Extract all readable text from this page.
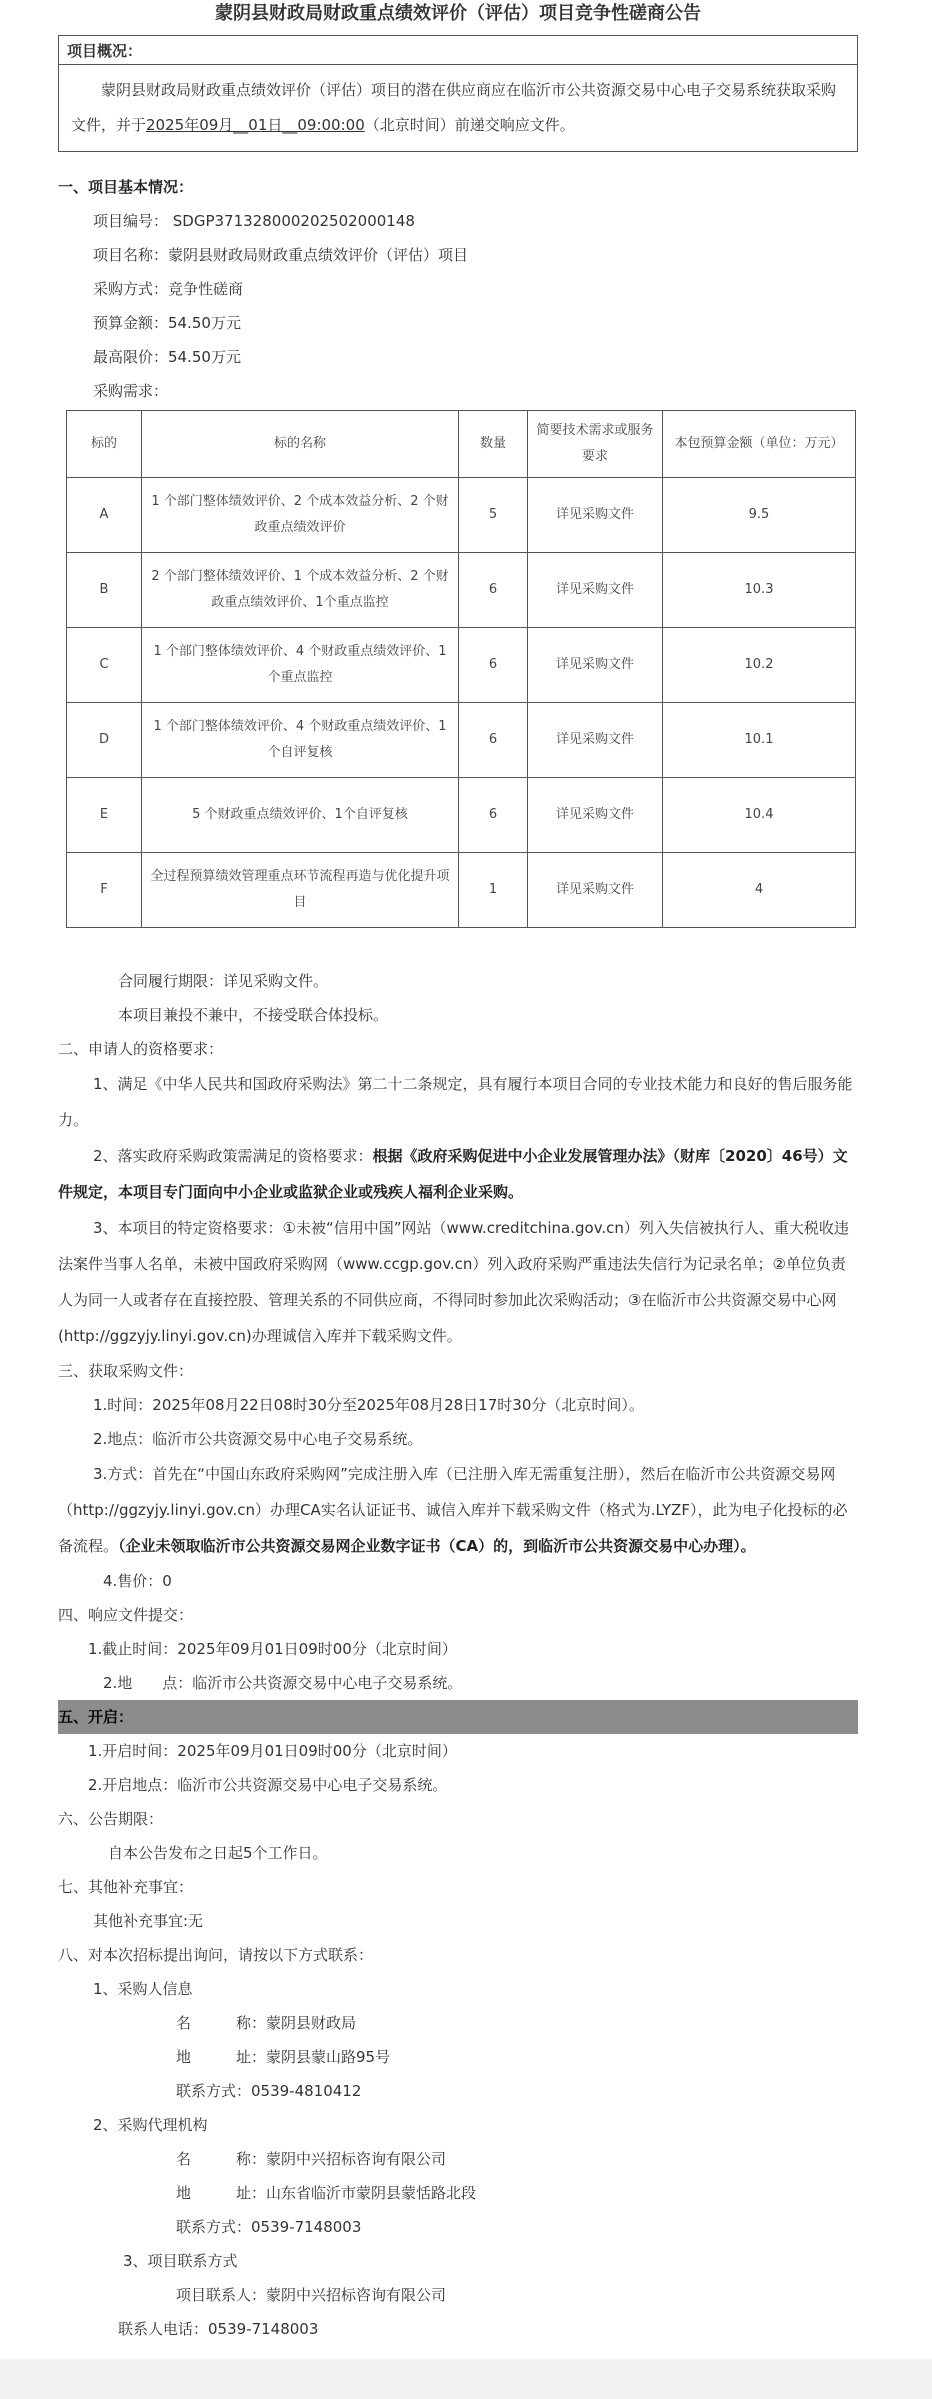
蒙阴县财政局财政重点绩效评价（评估）项目竞争性磋商公告
项目概况：
蒙阴县财政局财政重点绩效评价（评估）项目的潜在供应商应在临沂市公共资源交易中心电子交易系统获取采购文件，并于2025年09月__01日__09:00:00（北京时间）前递交响应文件。

一、项目基本情况：

项目编号： SDGP371328000202502000148

项目名称：蒙阴县财政局财政重点绩效评价（评估）项目

采购方式：竞争性磋商

预算金额：54.50万元

最高限价：54.50万元

采购需求：

标的	标的名称	数量	简要技术需求或服务要求	本包预算金额（单位：万元）
A	1 个部门整体绩效评价、2 个成本效益分析、2 个财政重点绩效评价	5	详见采购文件	9.5
B	2 个部门整体绩效评价、1 个成本效益分析、2 个财政重点绩效评价、1个重点监控	6	详见采购文件	10.3
C	1 个部门整体绩效评价、4 个财政重点绩效评价、1个重点监控	6	详见采购文件	10.2
D	1 个部门整体绩效评价、4 个财政重点绩效评价、1个自评复核	6	详见采购文件	10.1
E	5 个财政重点绩效评价、1个自评复核	6	详见采购文件	10.4
F	全过程预算绩效管理重点环节流程再造与优化提升项目	1	详见采购文件	4

合同履行期限：详见采购文件。

本项目兼投不兼中，不接受联合体投标。

二、申请人的资格要求：

1、满足《中华人民共和国政府采购法》第二十二条规定，具有履行本项目合同的专业技术能力和良好的售后服务能力。

2、落实政府采购政策需满足的资格要求：根据《政府采购促进中小企业发展管理办法》（财库〔2020〕46号）文件规定，本项目专门面向中小企业或监狱企业或残疾人福利企业采购。

3、本项目的特定资格要求：①未被“信用中国”网站（www.creditchina.gov.cn）列入失信被执行人、重大税收违法案件当事人名单，未被中国政府采购网（www.ccgp.gov.cn）列入政府采购严重违法失信行为记录名单；②单位负责人为同一人或者存在直接控股、管理关系的不同供应商，不得同时参加此次采购活动；③在临沂市公共资源交易中心网(http://ggzyjy.linyi.gov.cn)办理诚信入库并下载采购文件。

三、获取采购文件：

1.时间：2025年08月22日08时30分至2025年08月28日17时30分（北京时间）。

2.地点：临沂市公共资源交易中心电子交易系统。

3.方式：首先在“中国山东政府采购网”完成注册入库（已注册入库无需重复注册），然后在临沂市公共资源交易网（http://ggzyjy.linyi.gov.cn）办理CA实名认证证书、诚信入库并下载采购文件（格式为.LYZF），此为电子化投标的必备流程。（企业未领取临沂市公共资源交易网企业数字证书（CA）的，到临沂市公共资源交易中心办理）。

4.售价：0

四、响应文件提交：

1.截止时间：2025年09月01日09时00分（北京时间）

2.地　　点：临沂市公共资源交易中心电子交易系统。

五、开启：

1.开启时间：2025年09月01日09时00分（北京时间）

2.开启地点：临沂市公共资源交易中心电子交易系统。

六、公告期限：

自本公告发布之日起5个工作日。

七、其他补充事宜：

其他补充事宜:无

八、对本次招标提出询问，请按以下方式联系：

1、采购人信息

名　　　称：蒙阴县财政局

地　　　址：蒙阴县蒙山路95号

联系方式：0539-4810412

2、采购代理机构

名　　　称：蒙阴中兴招标咨询有限公司

地　　　址：山东省临沂市蒙阴县蒙恬路北段

联系方式：0539-7148003

3、项目联系方式

项目联系人：蒙阴中兴招标咨询有限公司

联系人电话：0539-7148003
